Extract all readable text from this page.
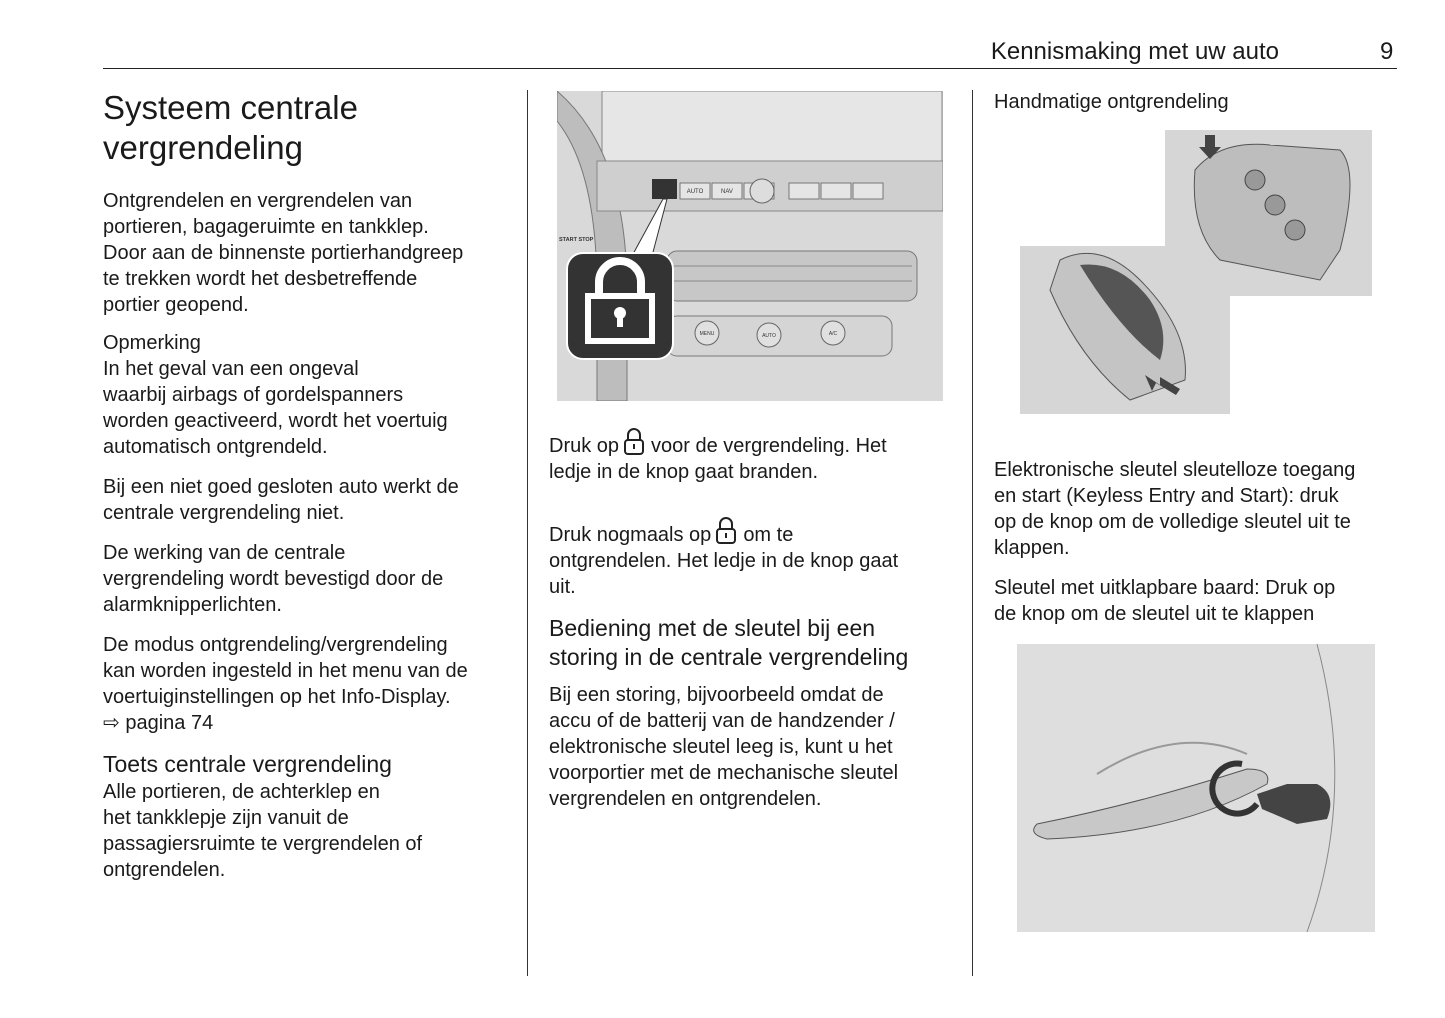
Kennismaking met uw auto	9
Systeem centrale
vergrendeling

Ontgrendelen en vergrendelen van
portieren, bagageruimte en tankklep.
Door aan de binnenste portierhandgreep
te trekken wordt het desbetreffende
portier geopend.

Opmerking

In het geval van een ongeval
waarbij airbags of gordelspanners
worden geactiveerd, wordt het voertuig
automatisch ontgrendeld.

Bij een niet goed gesloten auto werkt de
centrale vergrendeling niet.

De werking van de centrale
vergrendeling wordt bevestigd door de
alarmknipperlichten.

De modus ontgrendeling/vergrendeling
kan worden ingesteld in het menu van de
voertuiginstellingen op het Info-Display.

⇨ pagina 74
Toets centrale vergrendeling

Alle portieren, de achterklep en
het tankklepje zijn vanuit de
passagiersruimte te vergrendelen of
ontgrendelen.

AUTO	NAV
START STOP
MENU	AUTO	A/C
Druk op voor de vergrendeling. Het
ledje in de knop gaat branden.
Druk nogmaals op om te

ontgrendelen. Het ledje in de knop gaat
uit.

Bediening met de sleutel bij een
storing in de centrale vergrendeling

Bij een storing, bijvoorbeeld omdat de
accu of de batterij van de handzender /
elektronische sleutel leeg is, kunt u het
voorportier met de mechanische sleutel
vergrendelen en ontgrendelen.

Handmatige ontgrendeling

Elektronische sleutel sleutelloze toegang
en start (Keyless Entry and Start): druk
op de knop om de volledige sleutel uit te
klappen.

Sleutel met uitklapbare baard: Druk op
de knop om de sleutel uit te klappen
